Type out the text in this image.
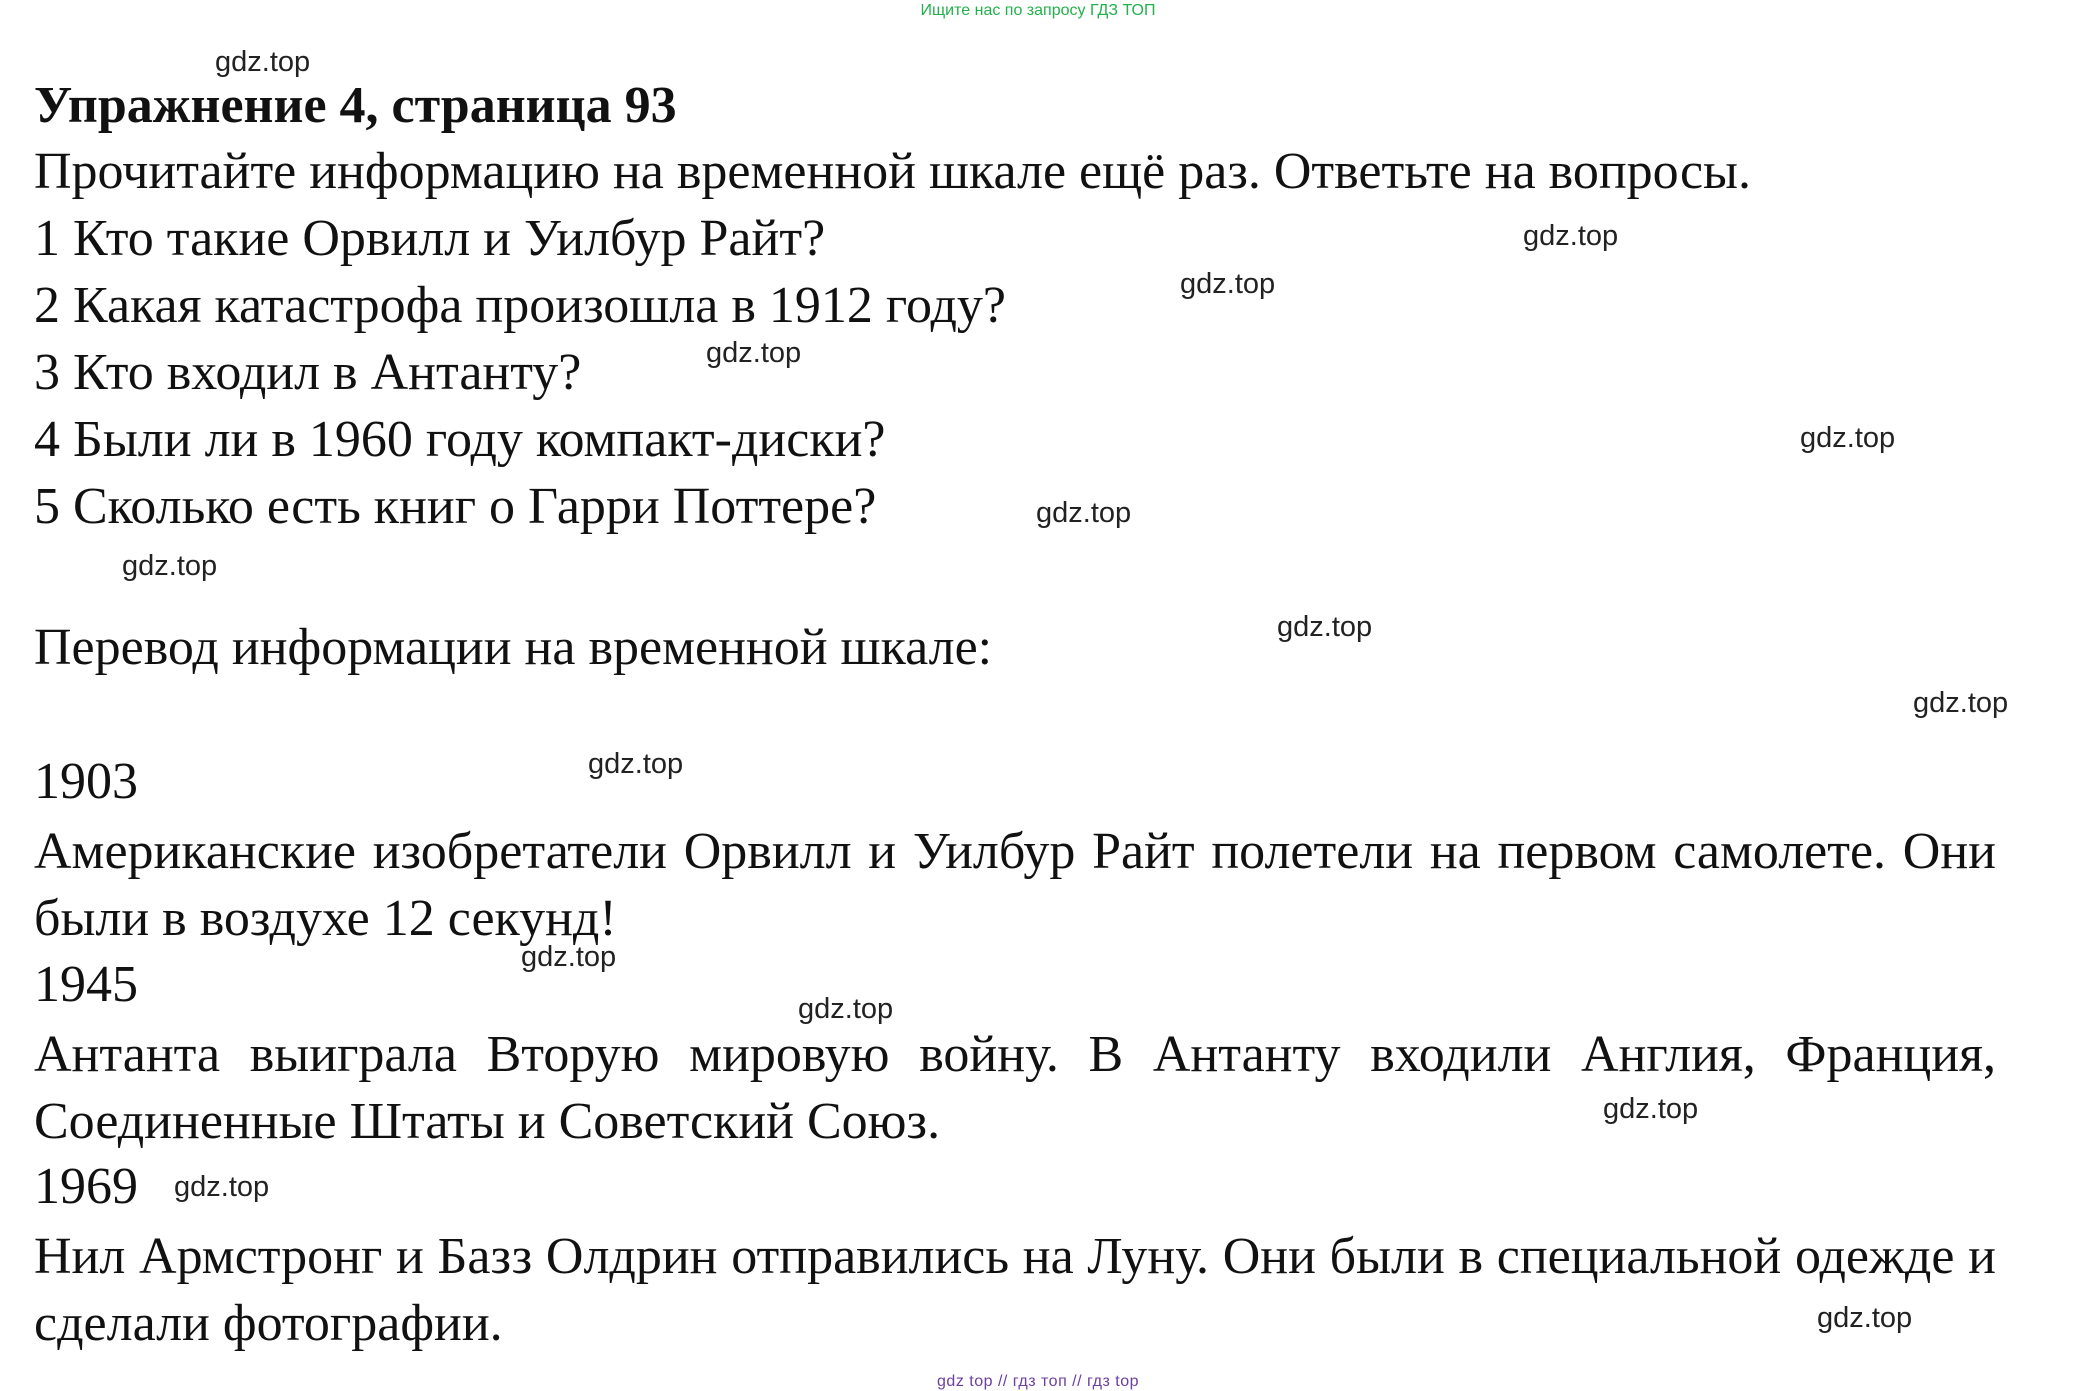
Ищите нас по запросу ГДЗ ТОП
Упражнение 4, страница 93
Прочитайте информацию на временной шкале ещё раз. Ответьте на вопросы.
1 Кто такие Орвилл и Уилбур Райт?
2 Какая катастрофа произошла в 1912 году?
3 Кто входил в Антанту?
4 Были ли в 1960 году компакт-диски?
5 Сколько есть книг о Гарри Поттере?
Перевод информации на временной шкале:
1903
Американские изобретатели Орвилл и Уилбур Райт полетели на первом самолете. Они были в воздухе 12 секунд!
1945
Антанта выиграла Вторую мировую войну. В Антанту входили Англия, Франция, Соединенные Штаты и Советский Союз.
1969
Нил Армстронг и Базз Олдрин отправились на Луну. Они были в специальной одежде и сделали фотографии.
gdz.top
gdz.top
gdz.top
gdz.top
gdz.top
gdz.top
gdz.top
gdz.top
gdz.top
gdz.top
gdz.top
gdz.top
gdz.top
gdz.top
gdz.top
gdz top // гдз топ // гдз top
